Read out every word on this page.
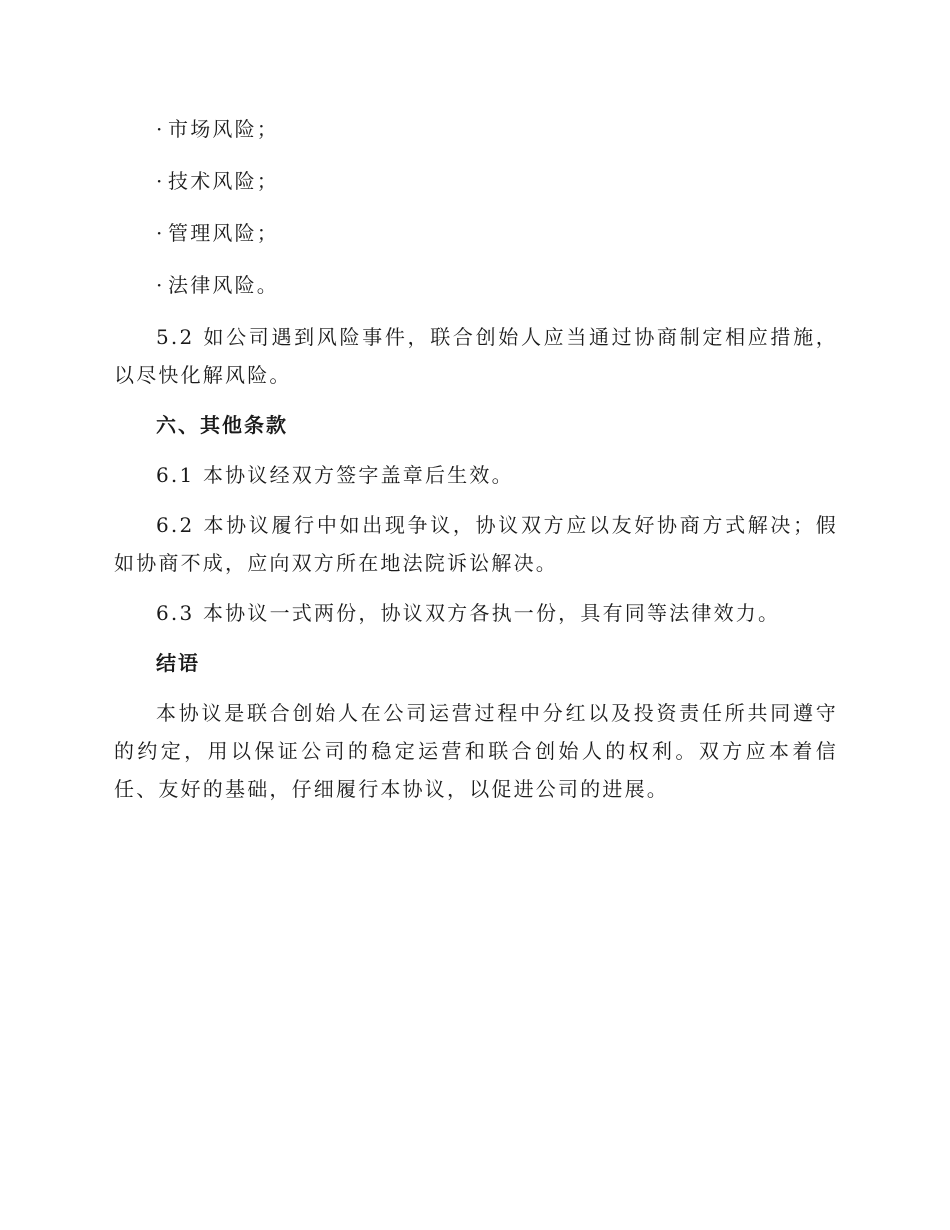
· 市场风险；
· 技术风险；
· 管理风险；
· 法律风险。

5.2 如公司遇到风险事件，联合创始人应当通过协商制定相应措施，以尽快化解风险。

六、其他条款

6.1 本协议经双方签字盖章后生效。

6.2 本协议履行中如出现争议，协议双方应以友好协商方式解决；假如协商不成，应向双方所在地法院诉讼解决。

6.3 本协议一式两份，协议双方各执一份，具有同等法律效力。

结语

本协议是联合创始人在公司运营过程中分红以及投资责任所共同遵守的约定，用以保证公司的稳定运营和联合创始人的权利。双方应本着信任、友好的基础，仔细履行本协议，以促进公司的进展。
